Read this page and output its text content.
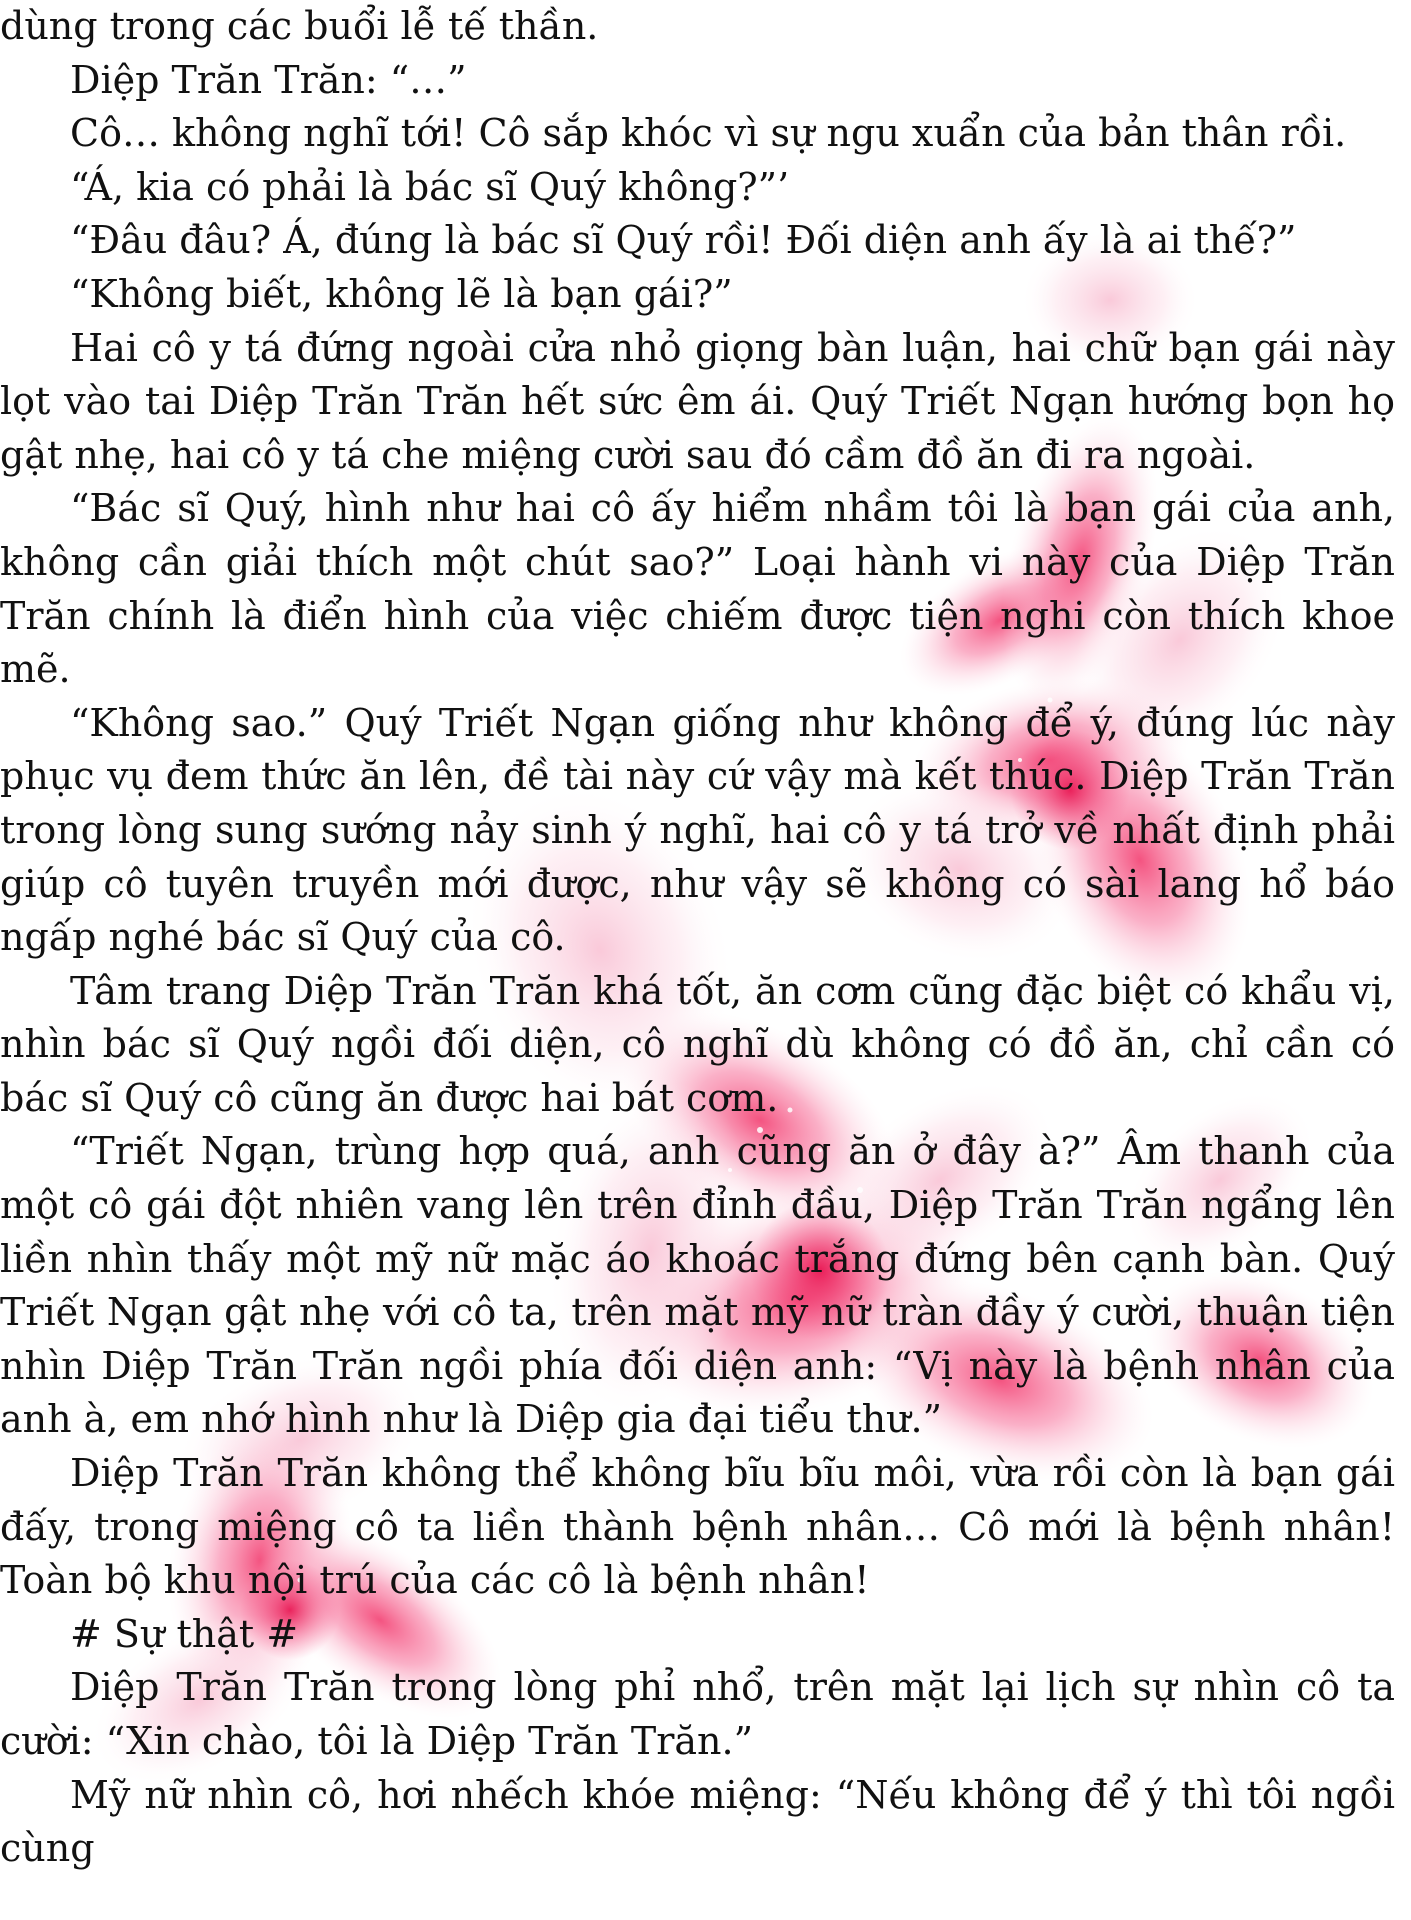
dùng trong các buổi lễ tế thần.

Diệp Trăn Trăn: “…”

Cô… không nghĩ tới! Cô sắp khóc vì sự ngu xuẩn của bản thân rồi.

“Á, kia có phải là bác sĩ Quý không?”’

“Đâu đâu? Á, đúng là bác sĩ Quý rồi! Đối diện anh ấy là ai thế?”

“Không biết, không lẽ là bạn gái?”

Hai cô y tá đứng ngoài cửa nhỏ giọng bàn luận, hai chữ bạn gái này lọt vào tai Diệp Trăn Trăn hết sức êm ái. Quý Triết Ngạn hướng bọn họ gật nhẹ, hai cô y tá che miệng cười sau đó cầm đồ ăn đi ra ngoài.

“Bác sĩ Quý, hình như hai cô ấy hiểm nhầm tôi là bạn gái của anh, không cần giải thích một chút sao?” Loại hành vi này của Diệp Trăn Trăn chính là điển hình của việc chiếm được tiện nghi còn thích khoe mẽ.

“Không sao.” Quý Triết Ngạn giống như không để ý, đúng lúc này phục vụ đem thức ăn lên, đề tài này cứ vậy mà kết thúc. Diệp Trăn Trăn trong lòng sung sướng nảy sinh ý nghĩ, hai cô y tá trở về nhất định phải giúp cô tuyên truyền mới được, như vậy sẽ không có sài lang hổ báo ngấp nghé bác sĩ Quý của cô.

Tâm trang Diệp Trăn Trăn khá tốt, ăn cơm cũng đặc biệt có khẩu vị, nhìn bác sĩ Quý ngồi đối diện, cô nghĩ dù không có đồ ăn, chỉ cần có bác sĩ Quý cô cũng ăn được hai bát cơm.

“Triết Ngạn, trùng hợp quá, anh cũng ăn ở đây à?” Âm thanh của một cô gái đột nhiên vang lên trên đỉnh đầu, Diệp Trăn Trăn ngẩng lên liền nhìn thấy một mỹ nữ mặc áo khoác trắng đứng bên cạnh bàn. Quý Triết Ngạn gật nhẹ với cô ta, trên mặt mỹ nữ tràn đầy ý cười, thuận tiện nhìn Diệp Trăn Trăn ngồi phía đối diện anh: “Vị này là bệnh nhân của anh à, em nhớ hình như là Diệp gia đại tiểu thư.”

Diệp Trăn Trăn không thể không bĩu bĩu môi, vừa rồi còn là bạn gái đấy, trong miệng cô ta liền thành bệnh nhân… Cô mới là bệnh nhân! Toàn bộ khu nội trú của các cô là bệnh nhân!

# Sự thật #

Diệp Trăn Trăn trong lòng phỉ nhổ, trên mặt lại lịch sự nhìn cô ta cười: “Xin chào, tôi là Diệp Trăn Trăn.”

Mỹ nữ nhìn cô, hơi nhếch khóe miệng: “Nếu không để ý thì tôi ngồi cùng
